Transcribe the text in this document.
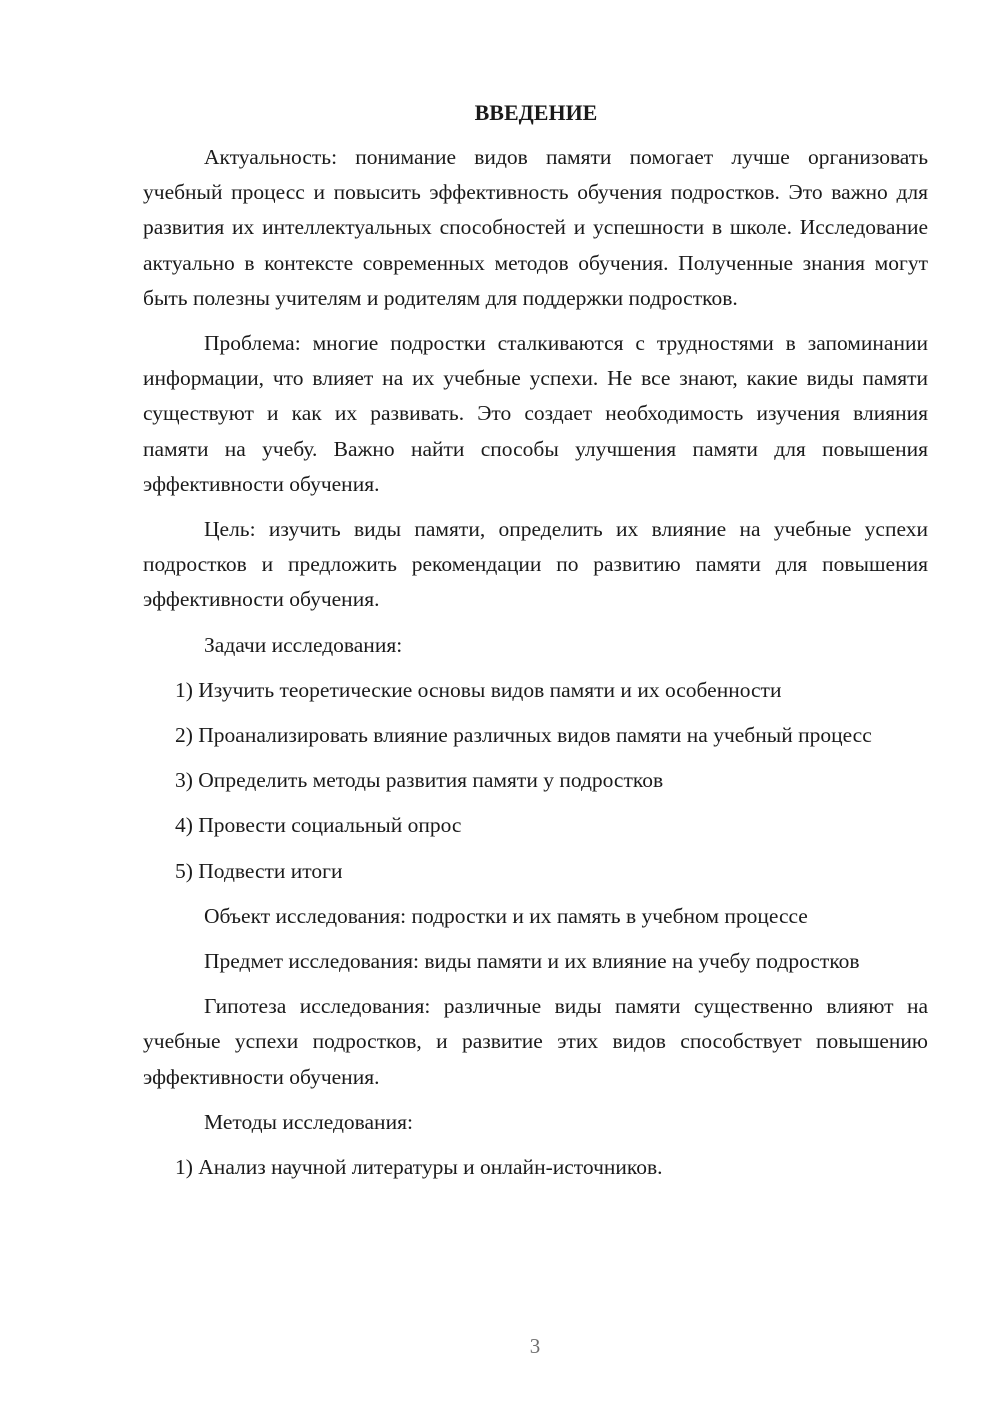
ВВЕДЕНИЕ

Актуальность: понимание видов памяти помогает лучше организовать учебный процесс и повысить эффективность обучения подростков. Это важно для развития их интеллектуальных способностей и успешности в школе. Исследование актуально в контексте современных методов обучения. Полученные знания могут быть полезны учителям и родителям для поддержки подростков.

Проблема: многие подростки сталкиваются с трудностями в запоминании информации, что влияет на их учебные успехи. Не все знают, какие виды памяти существуют и как их развивать. Это создает необходимость изучения влияния памяти на учебу. Важно найти способы улучшения памяти для повышения эффективности обучения.

Цель: изучить виды памяти, определить их влияние на учебные успехи подростков и предложить рекомендации по развитию памяти для повышения эффективности обучения.

Задачи исследования:

1) Изучить теоретические основы видов памяти и их особенности

2) Проанализировать влияние различных видов памяти на учебный процесс

3) Определить методы развития памяти у подростков

4) Провести социальный опрос

5) Подвести итоги

Объект исследования: подростки и их память в учебном процессе

Предмет исследования: виды памяти и их влияние на учебу подростков

Гипотеза исследования: различные виды памяти существенно влияют на учебные успехи подростков, и развитие этих видов способствует повышению эффективности обучения.

Методы исследования:

1) Анализ научной литературы и онлайн-источников.

3
